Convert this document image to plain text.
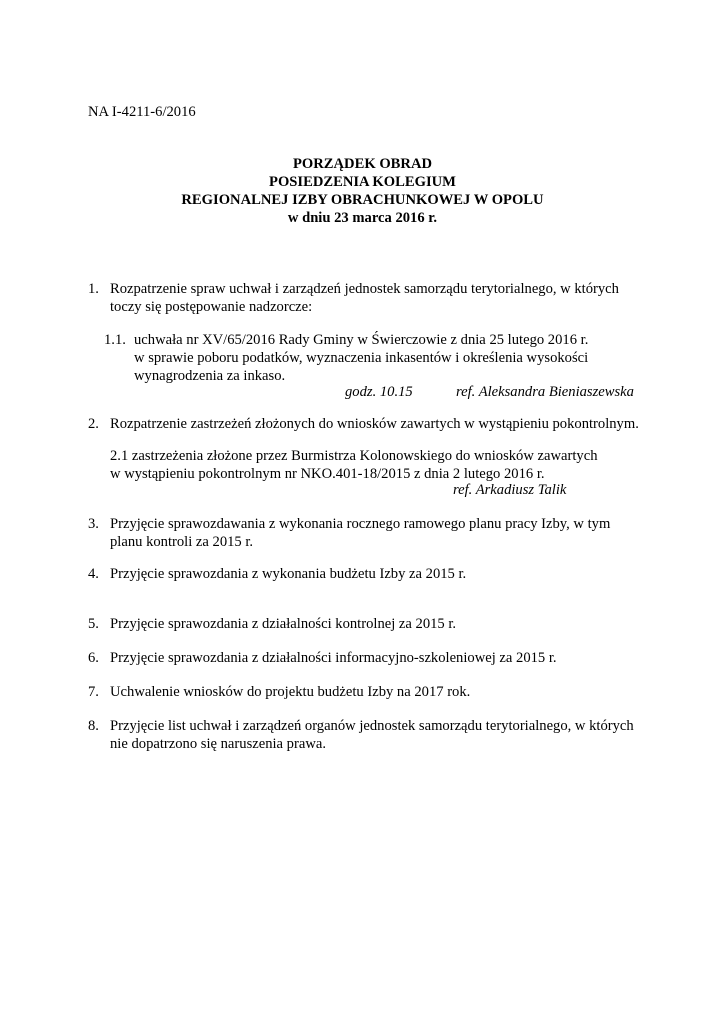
NA I-4211-6/2016
PORZĄDEK OBRAD
POSIEDZENIA KOLEGIUM
REGIONALNEJ IZBY OBRACHUNKOWEJ W OPOLU
w dniu 23 marca 2016 r.
1. Rozpatrzenie spraw uchwał i zarządzeń jednostek samorządu terytorialnego, w których
toczy się postępowanie nadzorcze:
1.1. uchwała nr XV/65/2016 Rady Gminy w Świerczowie z dnia 25 lutego 2016 r.
w sprawie poboru podatków, wyznaczenia inkasentów i określenia wysokości
wynagrodzenia za inkaso.
godz. 10.15	ref. Aleksandra Bieniaszewska
2. Rozpatrzenie zastrzeżeń złożonych do wniosków zawartych w wystąpieniu pokontrolnym.
2.1 zastrzeżenia złożone przez Burmistrza Kolonowskiego do wniosków zawartych
w wystąpieniu pokontrolnym nr NKO.401-18/2015 z dnia 2 lutego 2016 r.
ref. Arkadiusz Talik
3. Przyjęcie sprawozdawania z wykonania rocznego ramowego planu pracy Izby, w tym
planu kontroli za 2015 r.
4. Przyjęcie sprawozdania z wykonania budżetu Izby za 2015 r.
5. Przyjęcie sprawozdania z działalności kontrolnej za 2015 r.
6. Przyjęcie sprawozdania z działalności informacyjno-szkoleniowej za 2015 r.
7. Uchwalenie wniosków do projektu budżetu Izby na 2017 rok.
8. Przyjęcie list uchwał i zarządzeń organów jednostek samorządu terytorialnego, w których
nie dopatrzono się naruszenia prawa.
